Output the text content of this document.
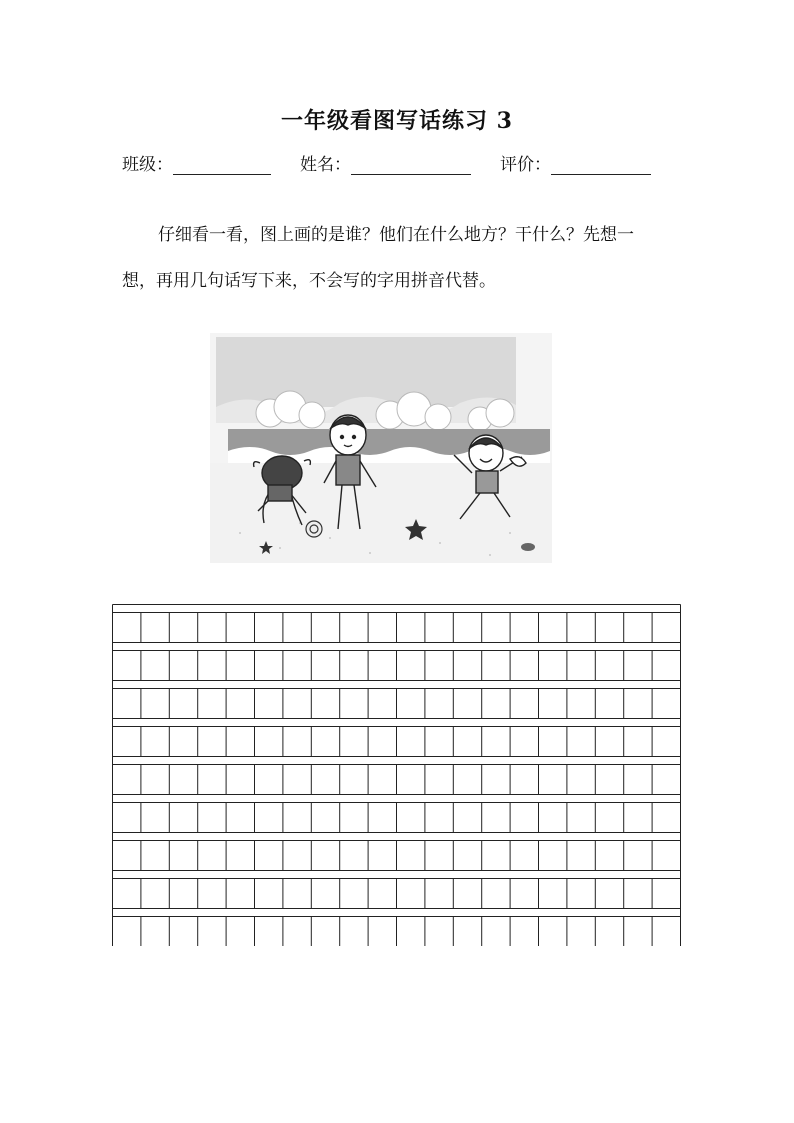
一年级看图写话练习 3
班级：	姓名：	评价：
仔细看一看，图上画的是谁？他们在什么地方？干什么？先想一
想，再用几句话写下来，不会写的字用拼音代替。
